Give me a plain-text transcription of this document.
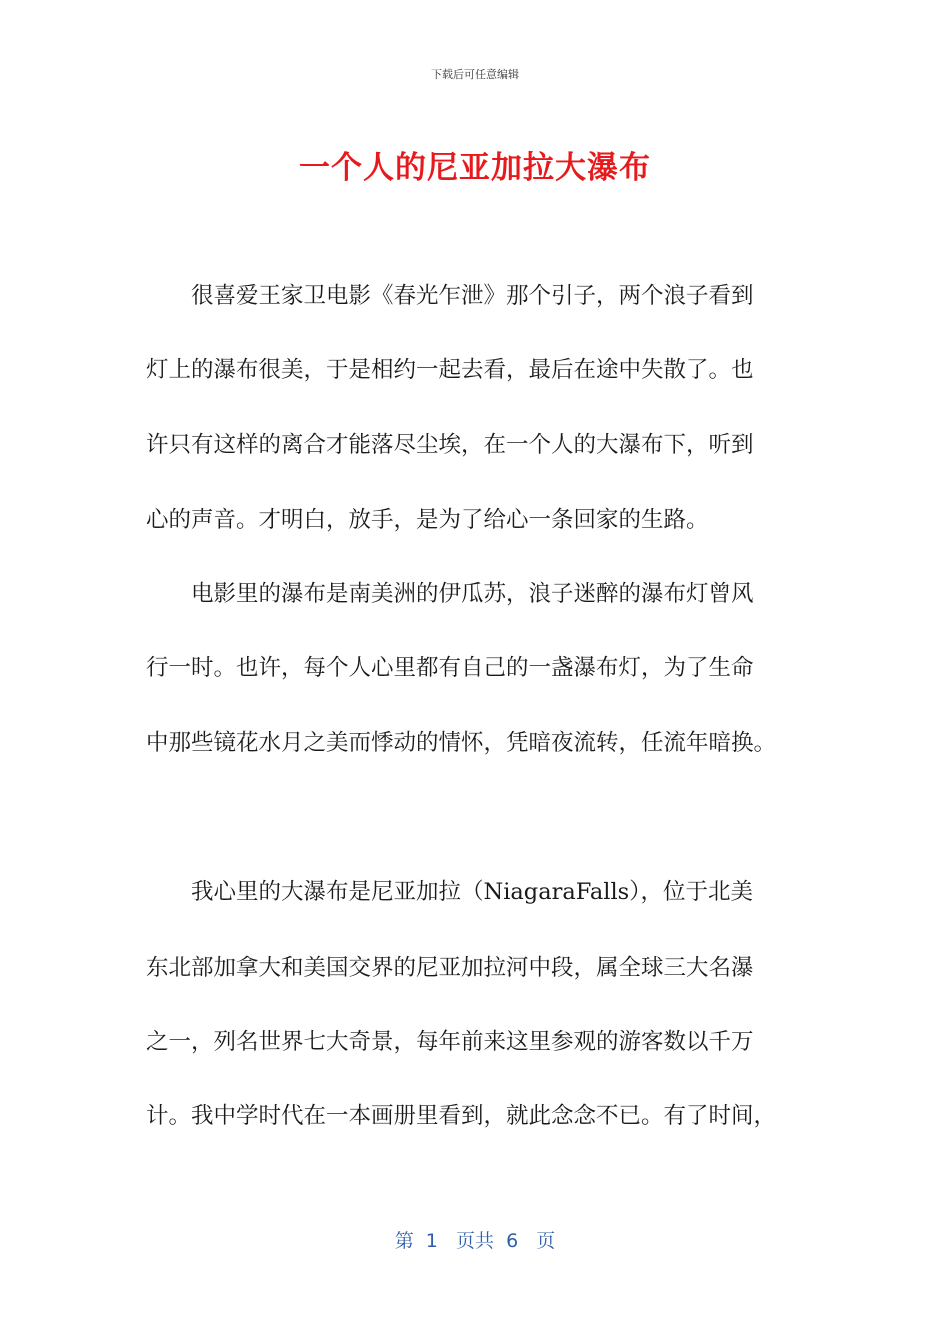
下载后可任意编辑
一个人的尼亚加拉大瀑布
　　很喜爱王家卫电影《春光乍泄》那个引子，两个浪子看到
灯上的瀑布很美，于是相约一起去看，最后在途中失散了。也
许只有这样的离合才能落尽尘埃，在一个人的大瀑布下，听到
心的声音。才明白，放手，是为了给心一条回家的生路。
　　电影里的瀑布是南美洲的伊瓜苏，浪子迷醉的瀑布灯曾风
行一时。也许，每个人心里都有自己的一盏瀑布灯，为了生命
中那些镜花水月之美而悸动的情怀，凭暗夜流转，任流年暗换。
　　我心里的大瀑布是尼亚加拉（NiagaraFalls），位于北美
东北部加拿大和美国交界的尼亚加拉河中段，属全球三大名瀑
之一，列名世界七大奇景，每年前来这里参观的游客数以千万
计。我中学时代在一本画册里看到，就此念念不已。有了时间，
第  1   页共  6   页
